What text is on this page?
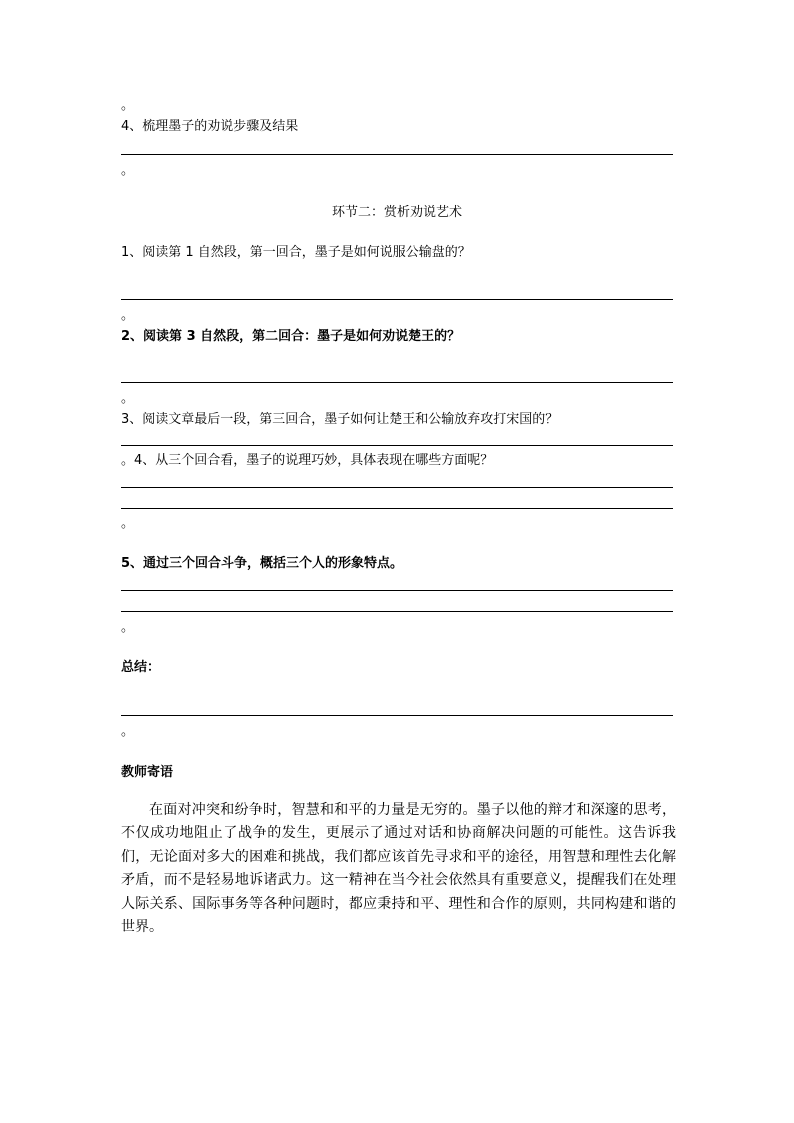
。
4、梳理墨子的劝说步骤及结果
。
环节二：赏析劝说艺术
1、阅读第 1 自然段，第一回合，墨子是如何说服公输盘的？
。
2、阅读第 3 自然段，第二回合：墨子是如何劝说楚王的？
。
3、阅读文章最后一段，第三回合，墨子如何让楚王和公输放弃攻打宋国的？
。4、从三个回合看，墨子的说理巧妙，具体表现在哪些方面呢？
。
5、通过三个回合斗争，概括三个人的形象特点。
。
总结：
。
教师寄语
在面对冲突和纷争时，智慧和和平的力量是无穷的。墨子以他的辩才和深邃的思考，不仅成功地阻止了战争的发生，更展示了通过对话和协商解决问题的可能性。这告诉我们，无论面对多大的困难和挑战，我们都应该首先寻求和平的途径，用智慧和理性去化解矛盾，而不是轻易地诉诸武力。这一精神在当今社会依然具有重要意义，提醒我们在处理人际关系、国际事务等各种问题时，都应秉持和平、理性和合作的原则，共同构建和谐的世界。
